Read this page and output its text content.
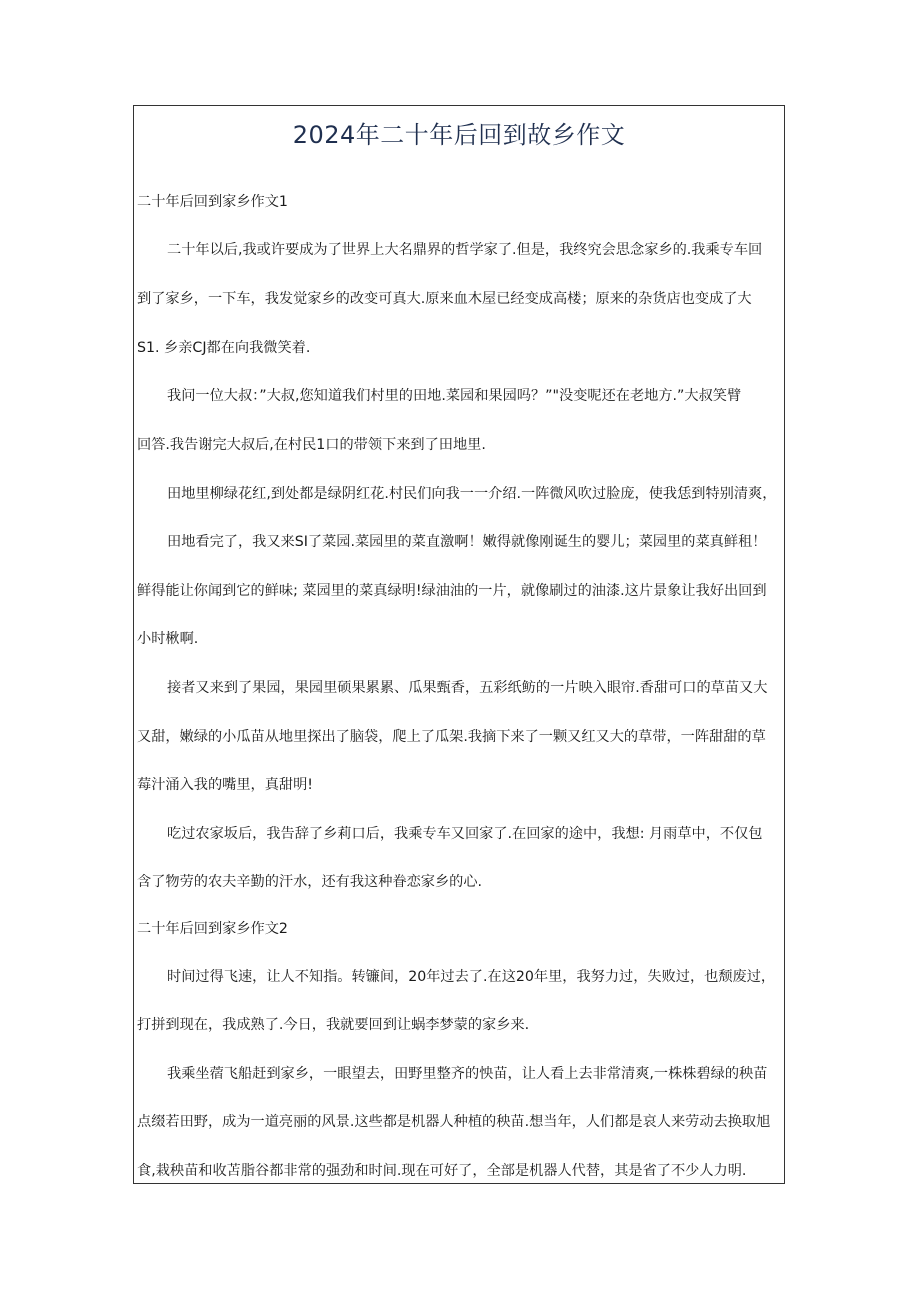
2024年二十年后回到故乡作文

二十年后回到家乡作文1

二十年以后,我或许要成为了世界上大名鼎界的哲学家了.但是，我终究会思念家乡的.我乘专车回

到了家乡，一下车，我发觉家乡的改变可真大.原来血木屋已经变成高楼；原来的杂货店也变成了大

S1. 乡亲CJ都在向我微笑着.

我问一位大叔：”大叔,您知道我们村里的田地.菜园和果园吗？”"没变呢还在老地方.”大叔笑臂

回答.我告谢完大叔后,在村民1口的带领下来到了田地里.

田地里柳绿花红,到处都是绿阴红花.村民们向我一一介绍.一阵微风吹过脸庞，使我恁到特别清爽，

田地看完了，我又来SI了菜园.菜园里的菜直激啊！嫩得就像刚诞生的婴儿；菜园里的菜真鲜租！

鲜得能让你闻到它的鲜味; 菜园里的菜真绿明!绿油油的一片，就像刷过的油漆.这片景象让我好出回到

小时楸啊.

接者又来到了果园，果园里硕果累累、瓜果甄香，五彩纸鲂的一片映入眼帘.香甜可口的草苗又大

又甜，嫩绿的小瓜苗从地里探出了脑袋，爬上了瓜架.我摘下来了一颗又红又大的草带，一阵甜甜的草

莓汁涌入我的嘴里，真甜明!

吃过农家坂后，我告辞了乡莉口后，我乘专车又回家了.在回家的途中，我想: 月雨草中，不仅包

含了物劳的农夫辛勤的汗水，还有我这种眷恋家乡的心.

二十年后回到家乡作文2

时间过得飞速，让人不知指。转镰间，20年过去了.在这20年里，我努力过，失败过，也颓废过，

打拼到现在，我成熟了.今日，我就要回到让蜗李梦蒙的家乡来.

我乘坐蓿飞船赶到家乡，一眼望去，田野里整齐的怏苗，让人看上去非常清爽,一株株碧绿的秧苗

点缀若田野，成为一道亮丽的风景.这些都是机器人种植的秧苗.想当年，人们都是哀人来劳动去换取旭

食,栽秧苗和收苫脂谷都非常的强劲和时间.现在可好了，全部是机器人代替，其是省了不少人力明.
